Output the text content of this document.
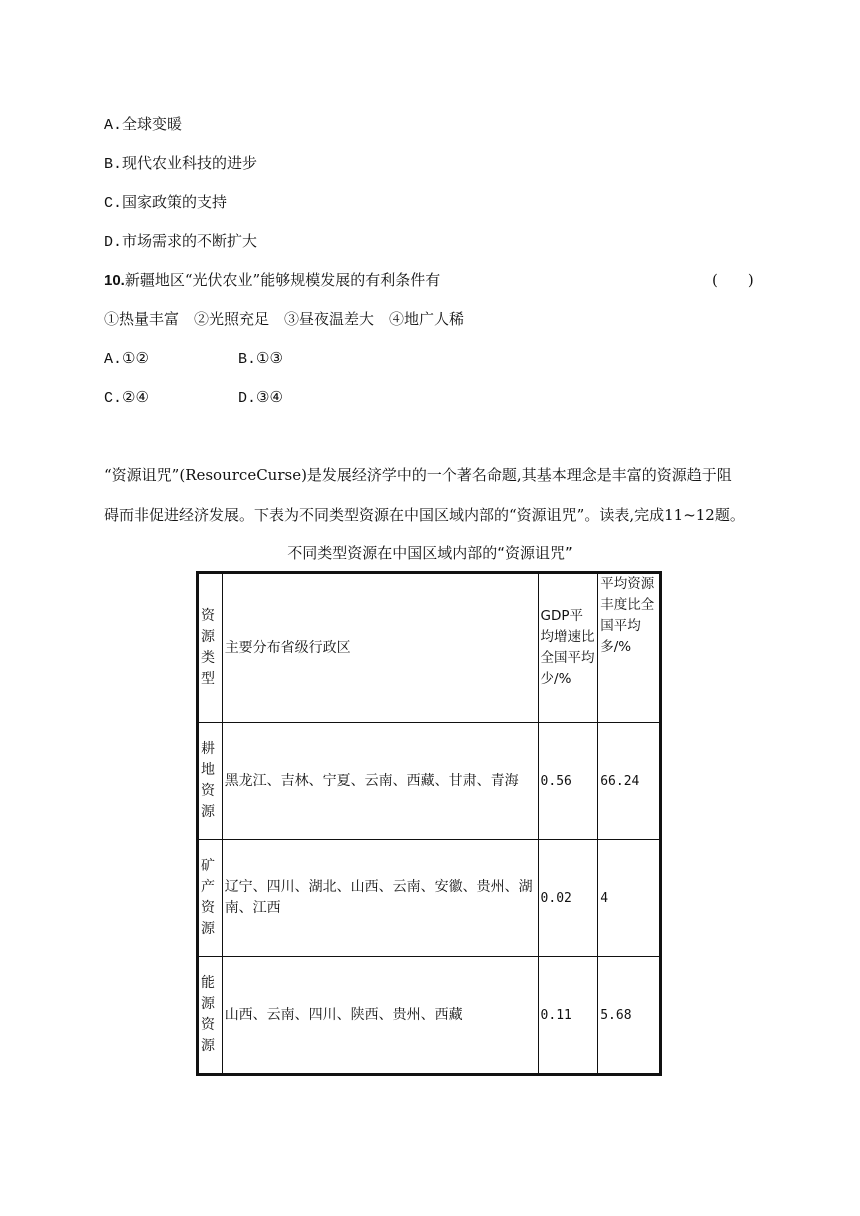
A.全球变暖
B.现代农业科技的进步
C.国家政策的支持
D.市场需求的不断扩大
10.新疆地区“光伏农业”能够规模发展的有利条件有	(　　)
①热量丰富　②光照充足　③昼夜温差大　④地广人稀
A.①②	B.①③
C.②④	D.③④
“资源诅咒”(ResourceCurse)是发展经济学中的一个著名命题,其基本理念是丰富的资源趋于阻
碍而非促进经济发展。下表为不同类型资源在中国区域内部的“资源诅咒”。读表,完成11~12题。
不同类型资源在中国区域内部的“资源诅咒”
资源类型	主要分布省级行政区	GDP平均增速比全国平均少/%	平均资源丰度比全国平均多/%
耕地资源	黑龙江、吉林、宁夏、云南、西藏、甘肃、青海	0.56	66.24
矿产资源	辽宁、四川、湖北、山西、云南、安徽、贵州、湖南、江西	0.02	4
能源资源	山西、云南、四川、陕西、贵州、西藏	0.11	5.68
